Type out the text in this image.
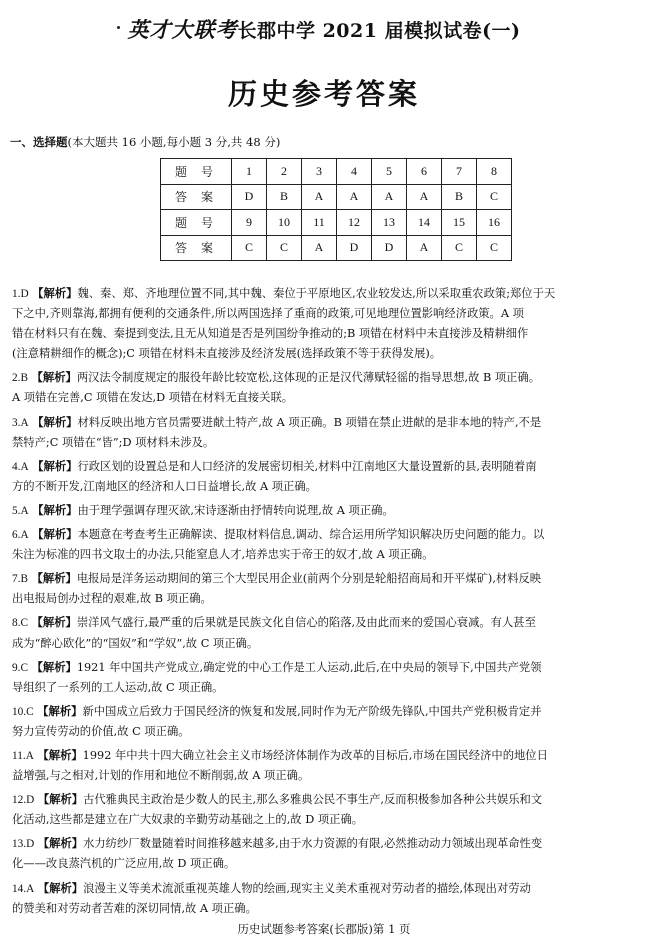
英才大联考长郡中学 2021 届模拟试卷(一)
历史参考答案
一、选择题(本大题共 16 小题,每小题 3 分,共 48 分)
题号	1	2	3	4	5	6	7	8
答案	D	B	A	A	A	A	B	C
题号	9	10	11	12	13	14	15	16
答案	C	C	A	D	D	A	C	C
1.D 【解析】魏、秦、郑、齐地理位置不同,其中魏、秦位于平原地区,农业较发达,所以采取重农政策;郑位于天
下之中,齐则靠海,都拥有便利的交通条件,所以两国选择了重商的政策,可见地理位置影响经济政策。A 项
错在材料只有在魏、秦提到变法,且无从知道是否是列国纷争推动的;B 项错在材料中未直接涉及精耕细作
(注意精耕细作的概念);C 项错在材料未直接涉及经济发展(选择政策不等于获得发展)。
2.B 【解析】两汉法令制度规定的服役年龄比较宽松,这体现的正是汉代薄赋轻徭的指导思想,故 B 项正确。
A 项错在完善,C 项错在发达,D 项错在材料无直接关联。
3.A 【解析】材料反映出地方官员需要进献土特产,故 A 项正确。B 项错在禁止进献的是非本地的特产,不是
禁特产;C 项错在“皆”;D 项材料未涉及。
4.A 【解析】行政区划的设置总是和人口经济的发展密切相关,材料中江南地区大量设置新的县,表明随着南
方的不断开发,江南地区的经济和人口日益增长,故 A 项正确。
5.A 【解析】由于理学强调存理灭欲,宋诗逐渐由抒情转向说理,故 A 项正确。
6.A 【解析】本题意在考查考生正确解读、提取材料信息,调动、综合运用所学知识解决历史问题的能力。以
朱注为标准的四书文取士的办法,只能窒息人才,培养忠实于帝王的奴才,故 A 项正确。
7.B 【解析】电报局是洋务运动期间的第三个大型民用企业(前两个分别是轮船招商局和开平煤矿),材料反映
出电报局创办过程的艰难,故 B 项正确。
8.C 【解析】崇洋风气盛行,最严重的后果就是民族文化自信心的陷落,及由此而来的爱国心衰减。有人甚至
成为“醉心欧化”的“国奴”和“学奴”,故 C 项正确。
9.C 【解析】1921 年中国共产党成立,确定党的中心工作是工人运动,此后,在中央局的领导下,中国共产党领
导组织了一系列的工人运动,故 C 项正确。
10.C 【解析】新中国成立后致力于国民经济的恢复和发展,同时作为无产阶级先锋队,中国共产党积极肯定并
努力宣传劳动的价值,故 C 项正确。
11.A 【解析】1992 年中共十四大确立社会主义市场经济体制作为改革的目标后,市场在国民经济中的地位日
益增强,与之相对,计划的作用和地位不断削弱,故 A 项正确。
12.D 【解析】古代雅典民主政治是少数人的民主,那么多雅典公民不事生产,反而积极参加各种公共娱乐和文
化活动,这些都是建立在广大奴隶的辛勤劳动基础之上的,故 D 项正确。
13.D 【解析】水力纺纱厂数量随着时间推移越来越多,由于水力资源的有限,必然推动动力领域出现革命性变
化——改良蒸汽机的广泛应用,故 D 项正确。
14.A 【解析】浪漫主义等美术流派重视英雄人物的绘画,现实主义美术重视对劳动者的描绘,体现出对劳动
的赞美和对劳动者苦难的深切同情,故 A 项正确。
历史试题参考答案(长郡版)第 1 页
